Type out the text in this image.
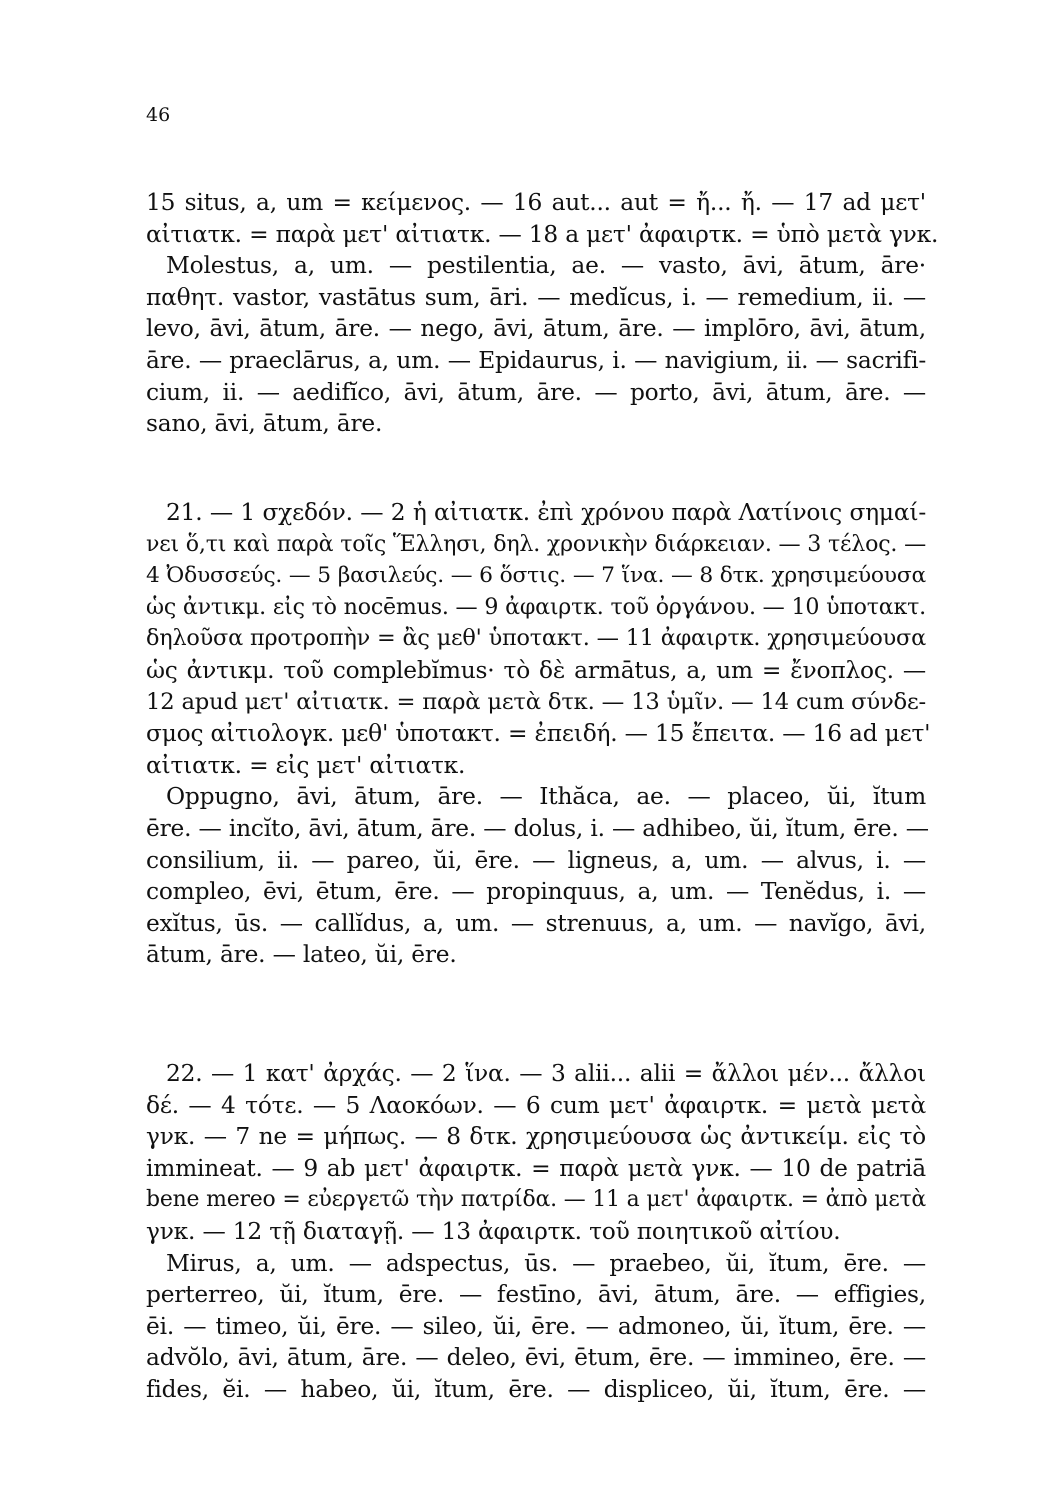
46
15 situs, a, um = κείμενος. — 16 aut... aut = ἤ... ἤ. — 17 ad μετ'
αἰτιατκ. = παρὰ μετ' αἰτιατκ. — 18 a μετ' ἀφαιρτκ. = ὑπὸ μετὰ γνκ.
Molestus, a, um. — pestilentia, ae. — vasto, āvi, ātum, āre·
παθητ. vastor, vastātus sum, āri. — medĭcus, i. — remedium, ii. —
levo, āvi, ātum, āre. — nego, āvi, ātum, āre. — implōro, āvi, ātum,
āre. — praeclārus, a, um. — Epidaurus, i. — navigium, ii. — sacrifi-
cium, ii. — aedifĭco, āvi, ātum, āre. — porto, āvi, ātum, āre. —
sano, āvi, ātum, āre.
21. — 1 σχεδόν. — 2 ἡ αἰτιατκ. ἐπὶ χρόνου παρὰ Λατίνοις σημαί-
νει ὅ,τι καὶ παρὰ τοῖς Ἕλλησι, δηλ. χρονικὴν διάρκειαν. — 3 τέλος. —
4 Ὀδυσσεύς. — 5 βασιλεύς. — 6 ὅστις. — 7 ἵνα. — 8 δτκ. χρησιμεύουσα
ὡς ἀντικμ. εἰς τὸ nocēmus. — 9 ἀφαιρτκ. τοῦ ὀργάνου. — 10 ὑποτακτ.
δηλοῦσα προτροπὴν = ἂς μεθ' ὑποτακτ. — 11 ἀφαιρτκ. χρησιμεύουσα
ὡς ἀντικμ. τοῦ complebĭmus· τὸ δὲ armātus, a, um = ἔνοπλος. —
12 apud μετ' αἰτιατκ. = παρὰ μετὰ δτκ. — 13 ὑμῖν. — 14 cum σύνδε-
σμος αἰτιολογκ. μεθ' ὑποτακτ. = ἐπειδή. — 15 ἔπειτα. — 16 ad μετ'
αἰτιατκ. = εἰς μετ' αἰτιατκ.
Oppugno, āvi, ātum, āre. — Ithăca, ae. — placeo, ŭi, ĭtum
ēre. — incĭto, āvi, ātum, āre. — dolus, i. — adhibeo, ŭi, ĭtum, ēre. —
consilium, ii. — pareo, ŭi, ēre. — ligneus, a, um. — alvus, i. —
compleo, ēvi, ētum, ēre. — propinquus, a, um. — Tenĕdus, i. —
exĭtus, ūs. — callĭdus, a, um. — strenuus, a, um. — navĭgo, āvi,
ātum, āre. — lateo, ŭi, ēre.
22. — 1 κατ' ἀρχάς. — 2 ἵνα. — 3 alii... alii = ἄλλοι μέν... ἄλλοι
δέ. — 4 τότε. — 5 Λαοκόων. — 6 cum μετ' ἀφαιρτκ. = μετὰ μετὰ
γνκ. — 7 ne = μήπως. — 8 δτκ. χρησιμεύουσα ὡς ἀντικείμ. εἰς τὸ
immineat. — 9 ab μετ' ἀφαιρτκ. = παρὰ μετὰ γνκ. — 10 de patriā
bene mereo = εὐεργετῶ τὴν πατρίδα. — 11 a μετ' ἀφαιρτκ. = ἀπὸ μετὰ
γνκ. — 12 τῇ διαταγῇ. — 13 ἀφαιρτκ. τοῦ ποιητικοῦ αἰτίου.
Mirus, a, um. — adspectus, ūs. — praebeo, ŭi, ĭtum, ēre. —
perterreo, ŭi, ĭtum, ēre. — festīno, āvi, ātum, āre. — effigies,
ēi. — timeo, ŭi, ēre. — sileo, ŭi, ēre. — admoneo, ŭi, ĭtum, ēre. —
advŏlo, āvi, ātum, āre. — deleo, ēvi, ētum, ēre. — immineo, ēre. —
fides, ĕi. — habeo, ŭi, ĭtum, ēre. — displiceo, ŭi, ĭtum, ēre. —
